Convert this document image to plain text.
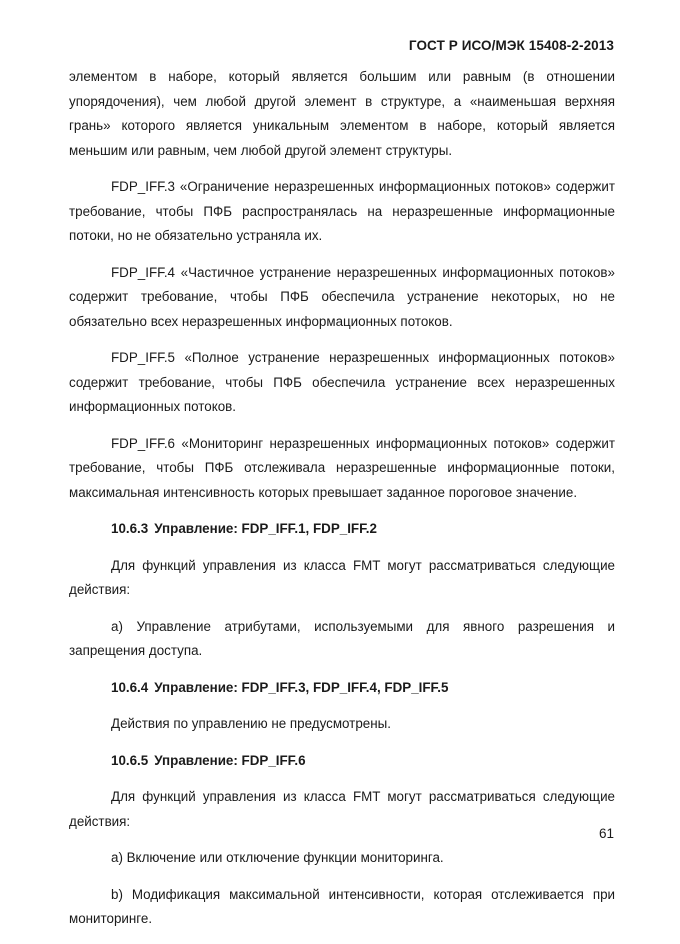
ГОСТ Р ИСО/МЭК 15408-2-2013

элементом в наборе, который является большим или равным (в отношении упорядочения), чем любой другой элемент в структуре, а «наименьшая верхняя грань» которого является уникальным элементом в наборе, который является меньшим или равным, чем любой другой элемент структуры.

FDP_IFF.3 «Ограничение неразрешенных информационных потоков» содержит требование, чтобы ПФБ распространялась на неразрешенные информационные потоки, но не обязательно устраняла их.

FDP_IFF.4 «Частичное устранение неразрешенных информационных потоков» содержит требование, чтобы ПФБ обеспечила устранение некоторых, но не обязательно всех неразрешенных информационных потоков.

FDP_IFF.5 «Полное устранение неразрешенных информационных потоков» содержит требование, чтобы ПФБ обеспечила устранение всех неразрешенных информационных потоков.

FDP_IFF.6 «Мониторинг неразрешенных информационных потоков» содержит требование, чтобы ПФБ отслеживала неразрешенные информационные потоки, максимальная интенсивность которых превышает заданное пороговое значение.

10.6.3 Управление: FDP_IFF.1, FDP_IFF.2

Для функций управления из класса FMT могут рассматриваться следующие действия:

а) Управление атрибутами, используемыми для явного разрешения и запрещения доступа.

10.6.4 Управление: FDP_IFF.3, FDP_IFF.4, FDP_IFF.5

Действия по управлению не предусмотрены.

10.6.5 Управление: FDP_IFF.6

Для функций управления из класса FMT могут рассматриваться следующие действия:

а) Включение или отключение функции мониторинга.

b) Модификация максимальной интенсивности, которая отслеживается при мониторинге.

61
